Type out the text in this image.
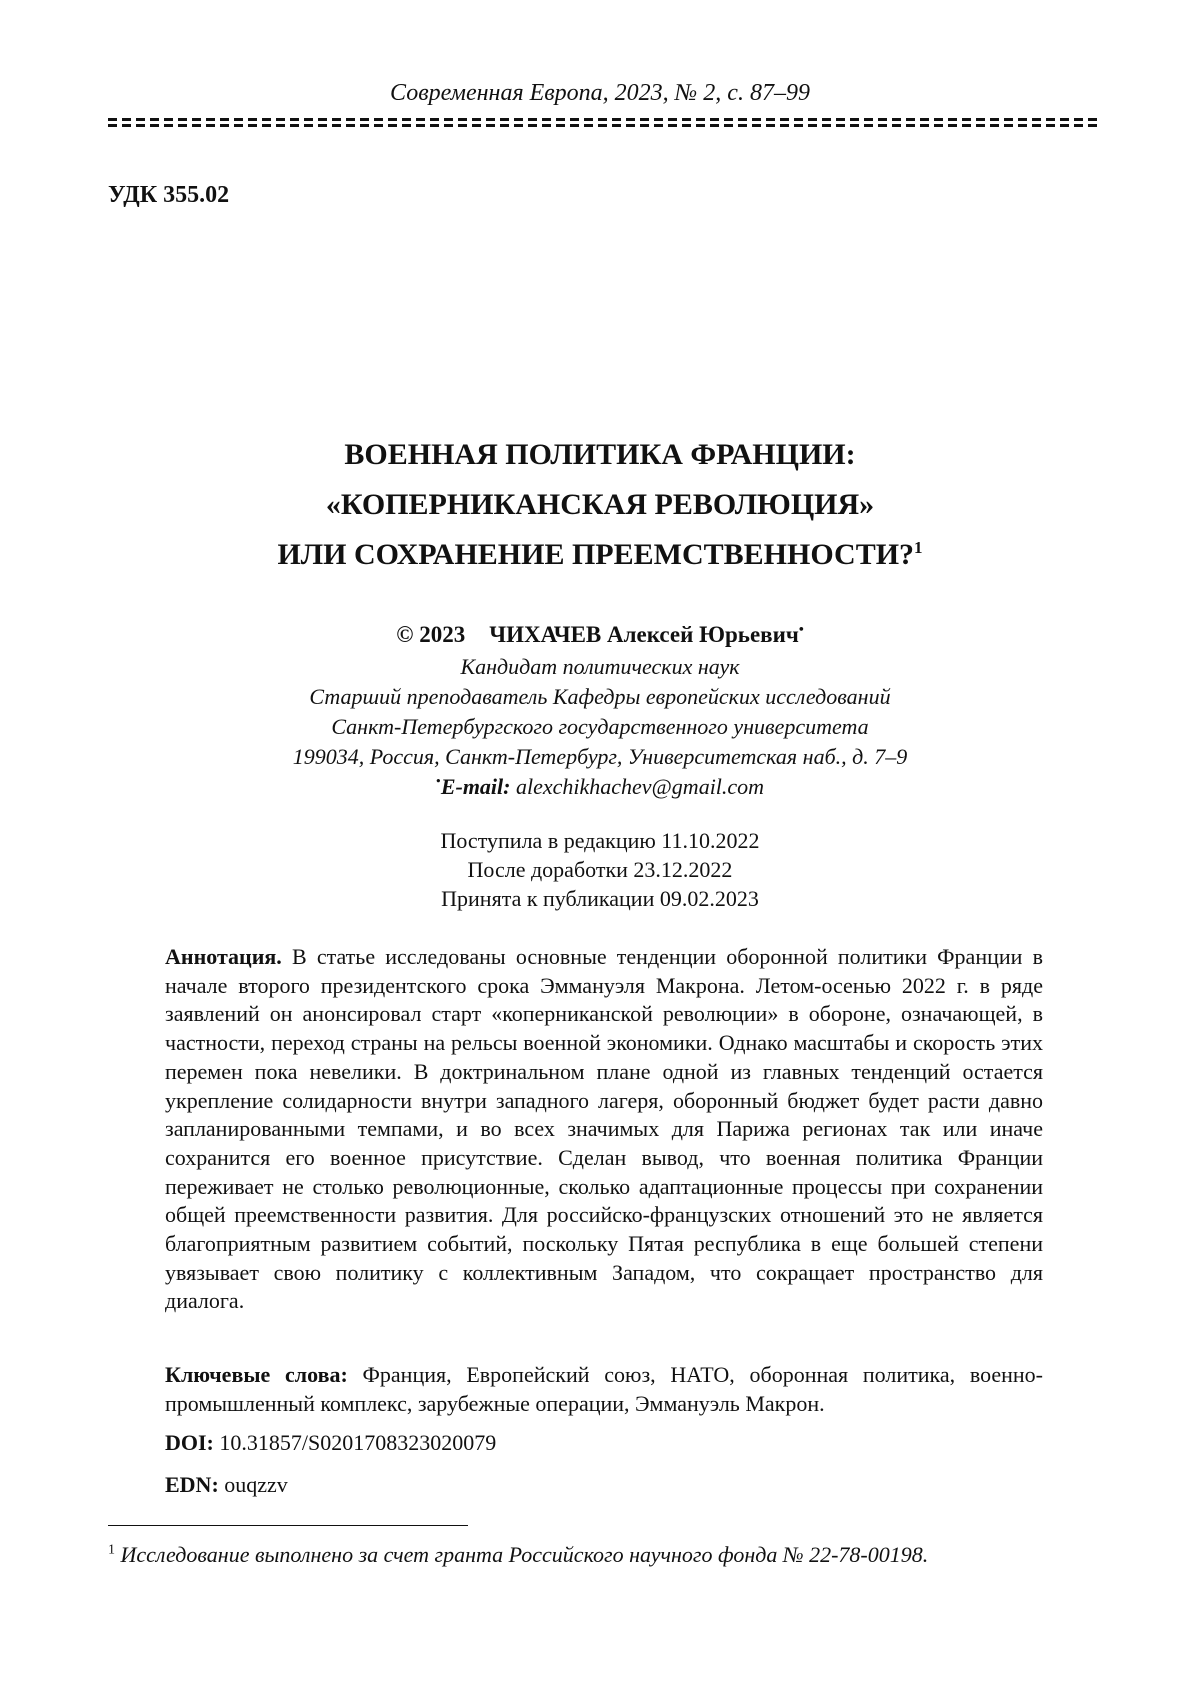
Современная Европа, 2023, № 2, с. 87–99
УДК 355.02
ВОЕННАЯ ПОЛИТИКА ФРАНЦИИ:
«КОПЕРНИКАНСКАЯ РЕВОЛЮЦИЯ»
ИЛИ СОХРАНЕНИЕ ПРЕЕМСТВЕННОСТИ?$^1$
© 2023 ЧИХАЧЕВ Алексей Юрьевич•
Кандидат политических наук
Старший преподаватель Кафедры европейских исследований
Санкт-Петербургского государственного университета
199034, Россия, Санкт-Петербург, Университетская наб., д. 7–9
•E-mail: alexchikhachev@gmail.com
Поступила в редакцию 11.10.2022
После доработки 23.12.2022
Принята к публикации 09.02.2023
Аннотация. В статье исследованы основные тенденции оборонной политики Франции в начале второго президентского срока Эммануэля Макрона. Летом-осенью 2022 г. в ряде заявлений он анонсировал старт «коперниканской революции» в обороне, означающей, в частности, переход страны на рельсы военной экономики. Однако масштабы и скорость этих перемен пока невелики. В доктринальном плане одной из главных тенденций остается укрепление солидарности внутри западного лагеря, оборонный бюджет будет расти давно запланированными темпами, и во всех значимых для Парижа регионах так или иначе сохранится его военное присутствие. Сделан вывод, что военная политика Франции переживает не столько революционные, сколько адаптационные процессы при сохранении общей преемственности развития. Для российско-французских отношений это не является благоприятным развитием событий, поскольку Пятая республика в еще большей степени увязывает свою политику с коллективным Западом, что сокращает пространство для диалога.
Ключевые слова: Франция, Европейский союз, НАТО, оборонная политика, военно-промышленный комплекс, зарубежные операции, Эммануэль Макрон.
DOI: 10.31857/S0201708323020079
EDN: ouqzzv
$^1$ Исследование выполнено за счет гранта Российского научного фонда № 22-78-00198.
